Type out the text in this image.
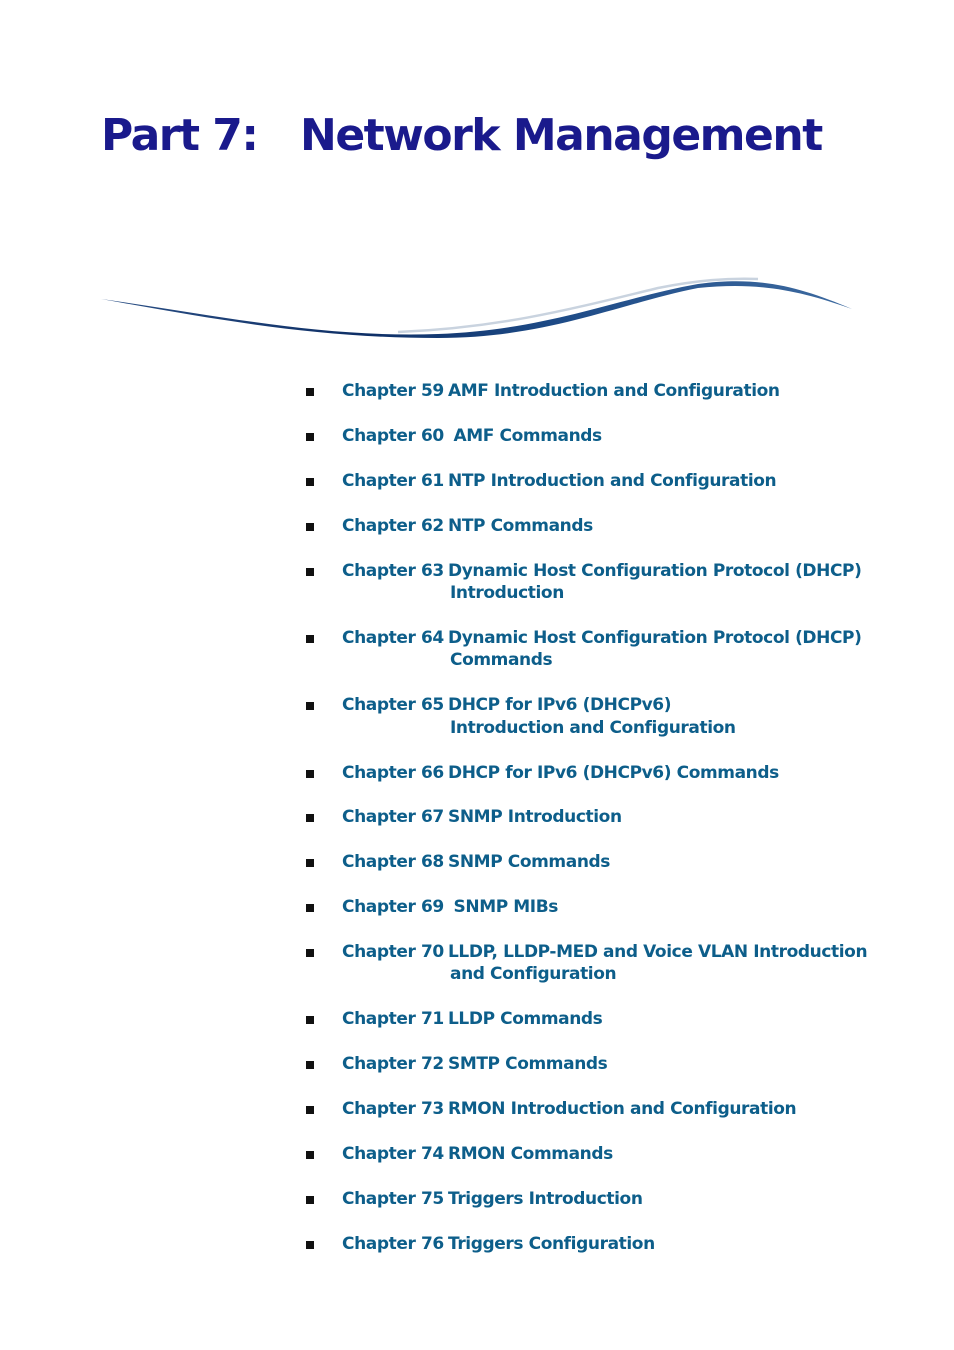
Part 7: Network Management
Chapter 59 AMF Introduction and Configuration
Chapter 60 AMF Commands
Chapter 61 NTP Introduction and Configuration
Chapter 62 NTP Commands
Chapter 63 Dynamic Host Configuration Protocol (DHCP)
Introduction
Chapter 64 Dynamic Host Configuration Protocol (DHCP)
Commands
Chapter 65 DHCP for IPv6 (DHCPv6)
Introduction and Configuration
Chapter 66 DHCP for IPv6 (DHCPv6) Commands
Chapter 67 SNMP Introduction
Chapter 68 SNMP Commands
Chapter 69 SNMP MIBs
Chapter 70 LLDP, LLDP-MED and Voice VLAN Introduction
and Configuration
Chapter 71 LLDP Commands
Chapter 72 SMTP Commands
Chapter 73 RMON Introduction and Configuration
Chapter 74 RMON Commands
Chapter 75 Triggers Introduction
Chapter 76 Triggers Configuration
